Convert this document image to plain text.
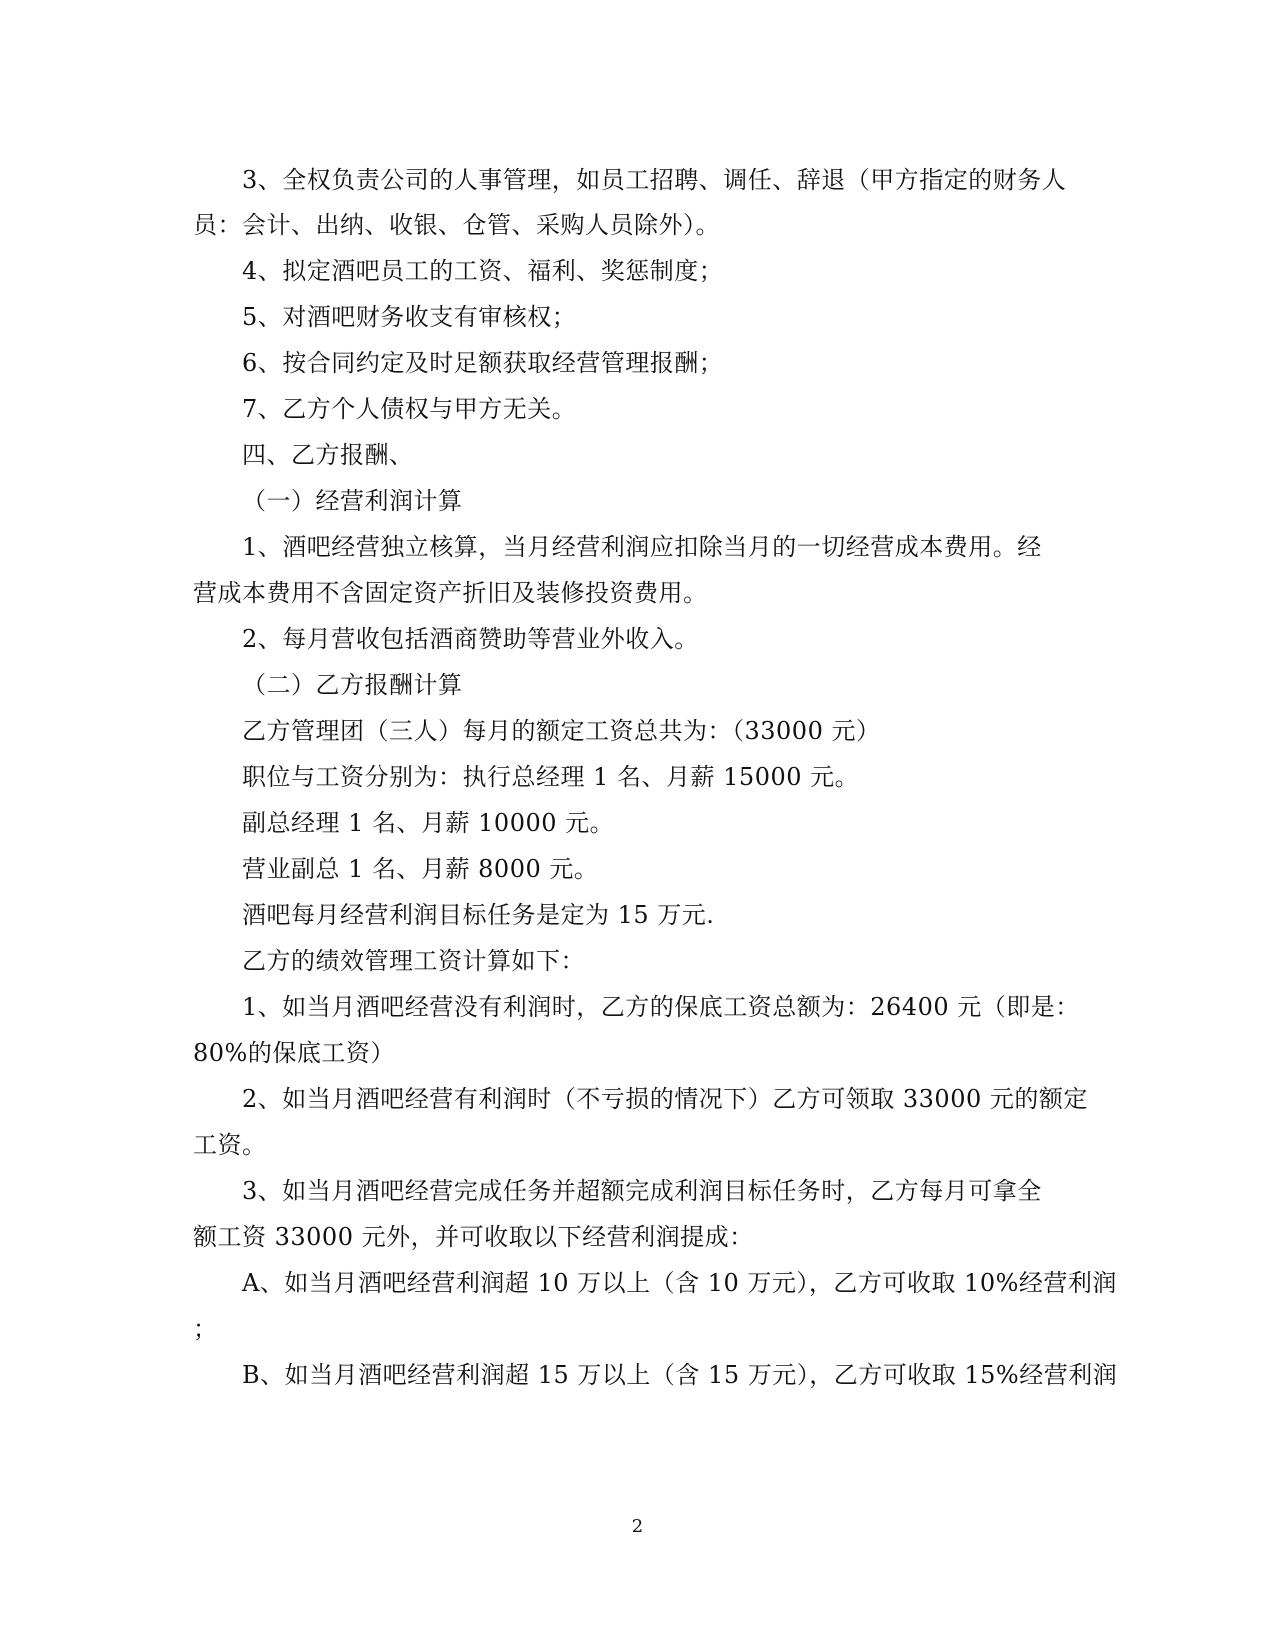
3、全权负责公司的人事管理，如员工招聘、调任、辞退（甲方指定的财务人
员：会计、出纳、收银、仓管、采购人员除外）。
4、拟定酒吧员工的工资、福利、奖惩制度；
5、对酒吧财务收支有审核权；
6、按合同约定及时足额获取经营管理报酬；
7、乙方个人债权与甲方无关。
四、乙方报酬、
（一）经营利润计算
1、酒吧经营独立核算，当月经营利润应扣除当月的一切经营成本费用。经
营成本费用不含固定资产折旧及装修投资费用。
2、每月营收包括酒商赞助等营业外收入。
（二）乙方报酬计算
乙方管理团（三人）每月的额定工资总共为：（33000 元）
职位与工资分别为：执行总经理 1 名、月薪 15000 元。
副总经理 1 名、月薪 10000 元。
营业副总 1 名、月薪 8000 元。
酒吧每月经营利润目标任务是定为 15 万元.
乙方的绩效管理工资计算如下：
1、如当月酒吧经营没有利润时，乙方的保底工资总额为：26400 元（即是：
80%的保底工资）
2、如当月酒吧经营有利润时（不亏损的情况下）乙方可领取 33000 元的额定
工资。
3、如当月酒吧经营完成任务并超额完成利润目标任务时，乙方每月可拿全
额工资 33000 元外，并可收取以下经营利润提成：
A、如当月酒吧经营利润超 10 万以上（含 10 万元），乙方可收取 10%经营利润
；
B、如当月酒吧经营利润超 15 万以上（含 15 万元），乙方可收取 15%经营利润
2
